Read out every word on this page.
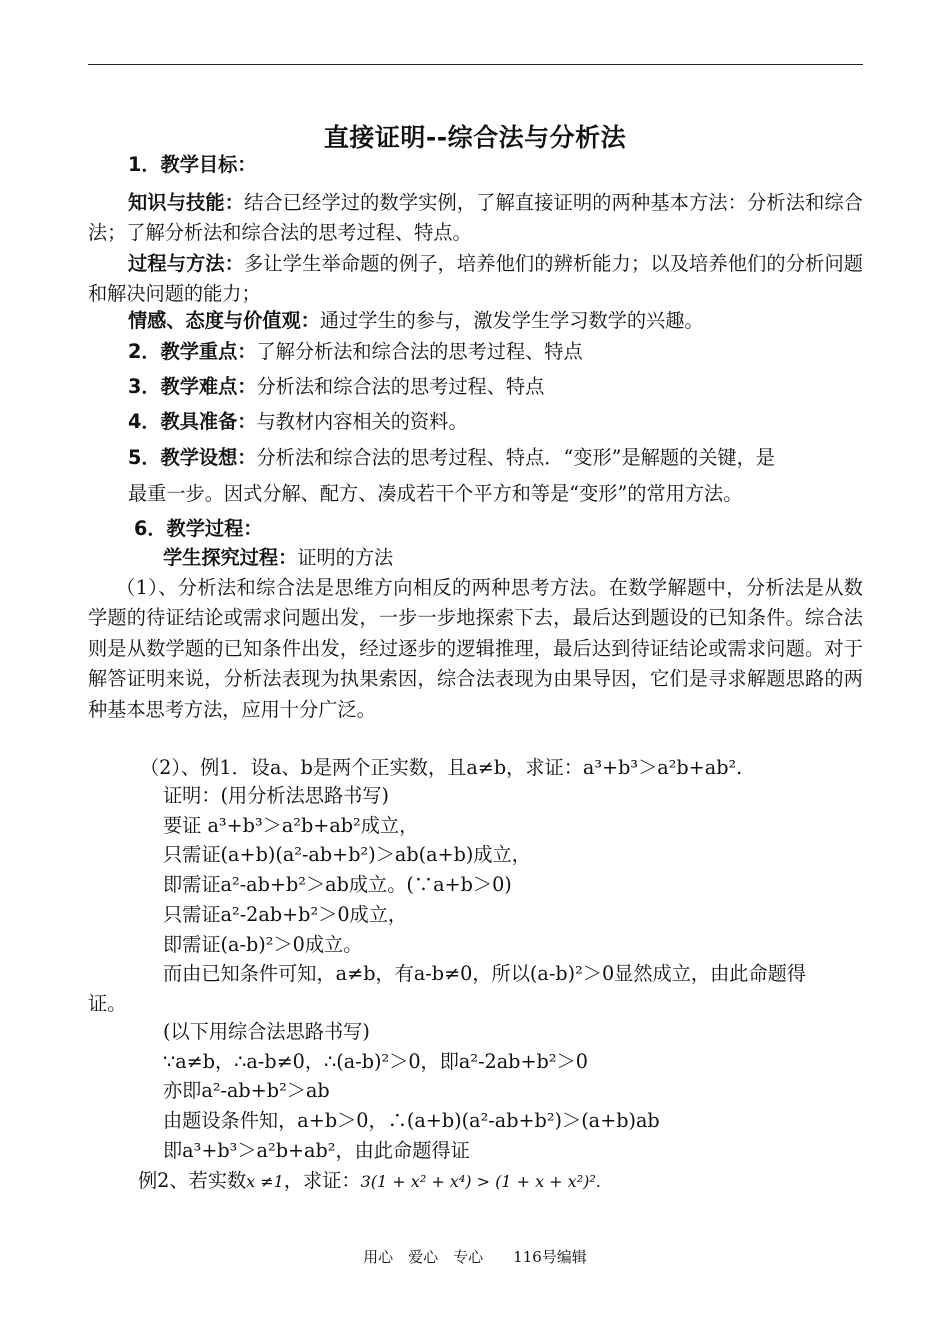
直接证明--综合法与分析法
1．教学目标：
知识与技能：结合已经学过的数学实例，了解直接证明的两种基本方法：分析法和综合法；了解分析法和综合法的思考过程、特点。
过程与方法：多让学生举命题的例子，培养他们的辨析能力；以及培养他们的分析问题和解决问题的能力；
情感、态度与价值观：通过学生的参与，激发学生学习数学的兴趣。
2．教学重点：了解分析法和综合法的思考过程、特点
3．教学难点：分析法和综合法的思考过程、特点
4．教具准备：与教材内容相关的资料。
5．教学设想：分析法和综合法的思考过程、特点．“变形”是解题的关键，是
最重一步。因式分解、配方、凑成若干个平方和等是“变形”的常用方法。
6．教学过程：
学生探究过程：证明的方法
（1）、分析法和综合法是思维方向相反的两种思考方法。在数学解题中，分析法是从数学题的待证结论或需求问题出发，一步一步地探索下去，最后达到题设的已知条件。综合法则是从数学题的已知条件出发，经过逐步的逻辑推理，最后达到待证结论或需求问题。对于解答证明来说，分析法表现为执果索因，综合法表现为由果导因，它们是寻求解题思路的两种基本思考方法，应用十分广泛。
（2）、例1．设a、b是两个正实数，且a≠b，求证：a³+b³＞a²b+ab².
证明：(用分析法思路书写)
要证 a³+b³＞a²b+ab²成立，
只需证(a+b)(a²-ab+b²)＞ab(a+b)成立，
即需证a²-ab+b²＞ab成立。(∵a+b＞0)
只需证a²-2ab+b²＞0成立，
即需证(a-b)²＞0成立。
而由已知条件可知，a≠b，有a-b≠0，所以(a-b)²＞0显然成立，由此命题得
证。
(以下用综合法思路书写)
∵a≠b，∴a-b≠0，∴(a-b)²＞0，即a²-2ab+b²＞0
亦即a²-ab+b²＞ab
由题设条件知，a+b＞0，∴(a+b)(a²-ab+b²)＞(a+b)ab
即a³+b³＞a²b+ab²，由此命题得证
例2、若实数x ≠1，求证：3(1 + x² + x⁴) > (1 + x + x²)².
用心　爱心　专心　　116号编辑
